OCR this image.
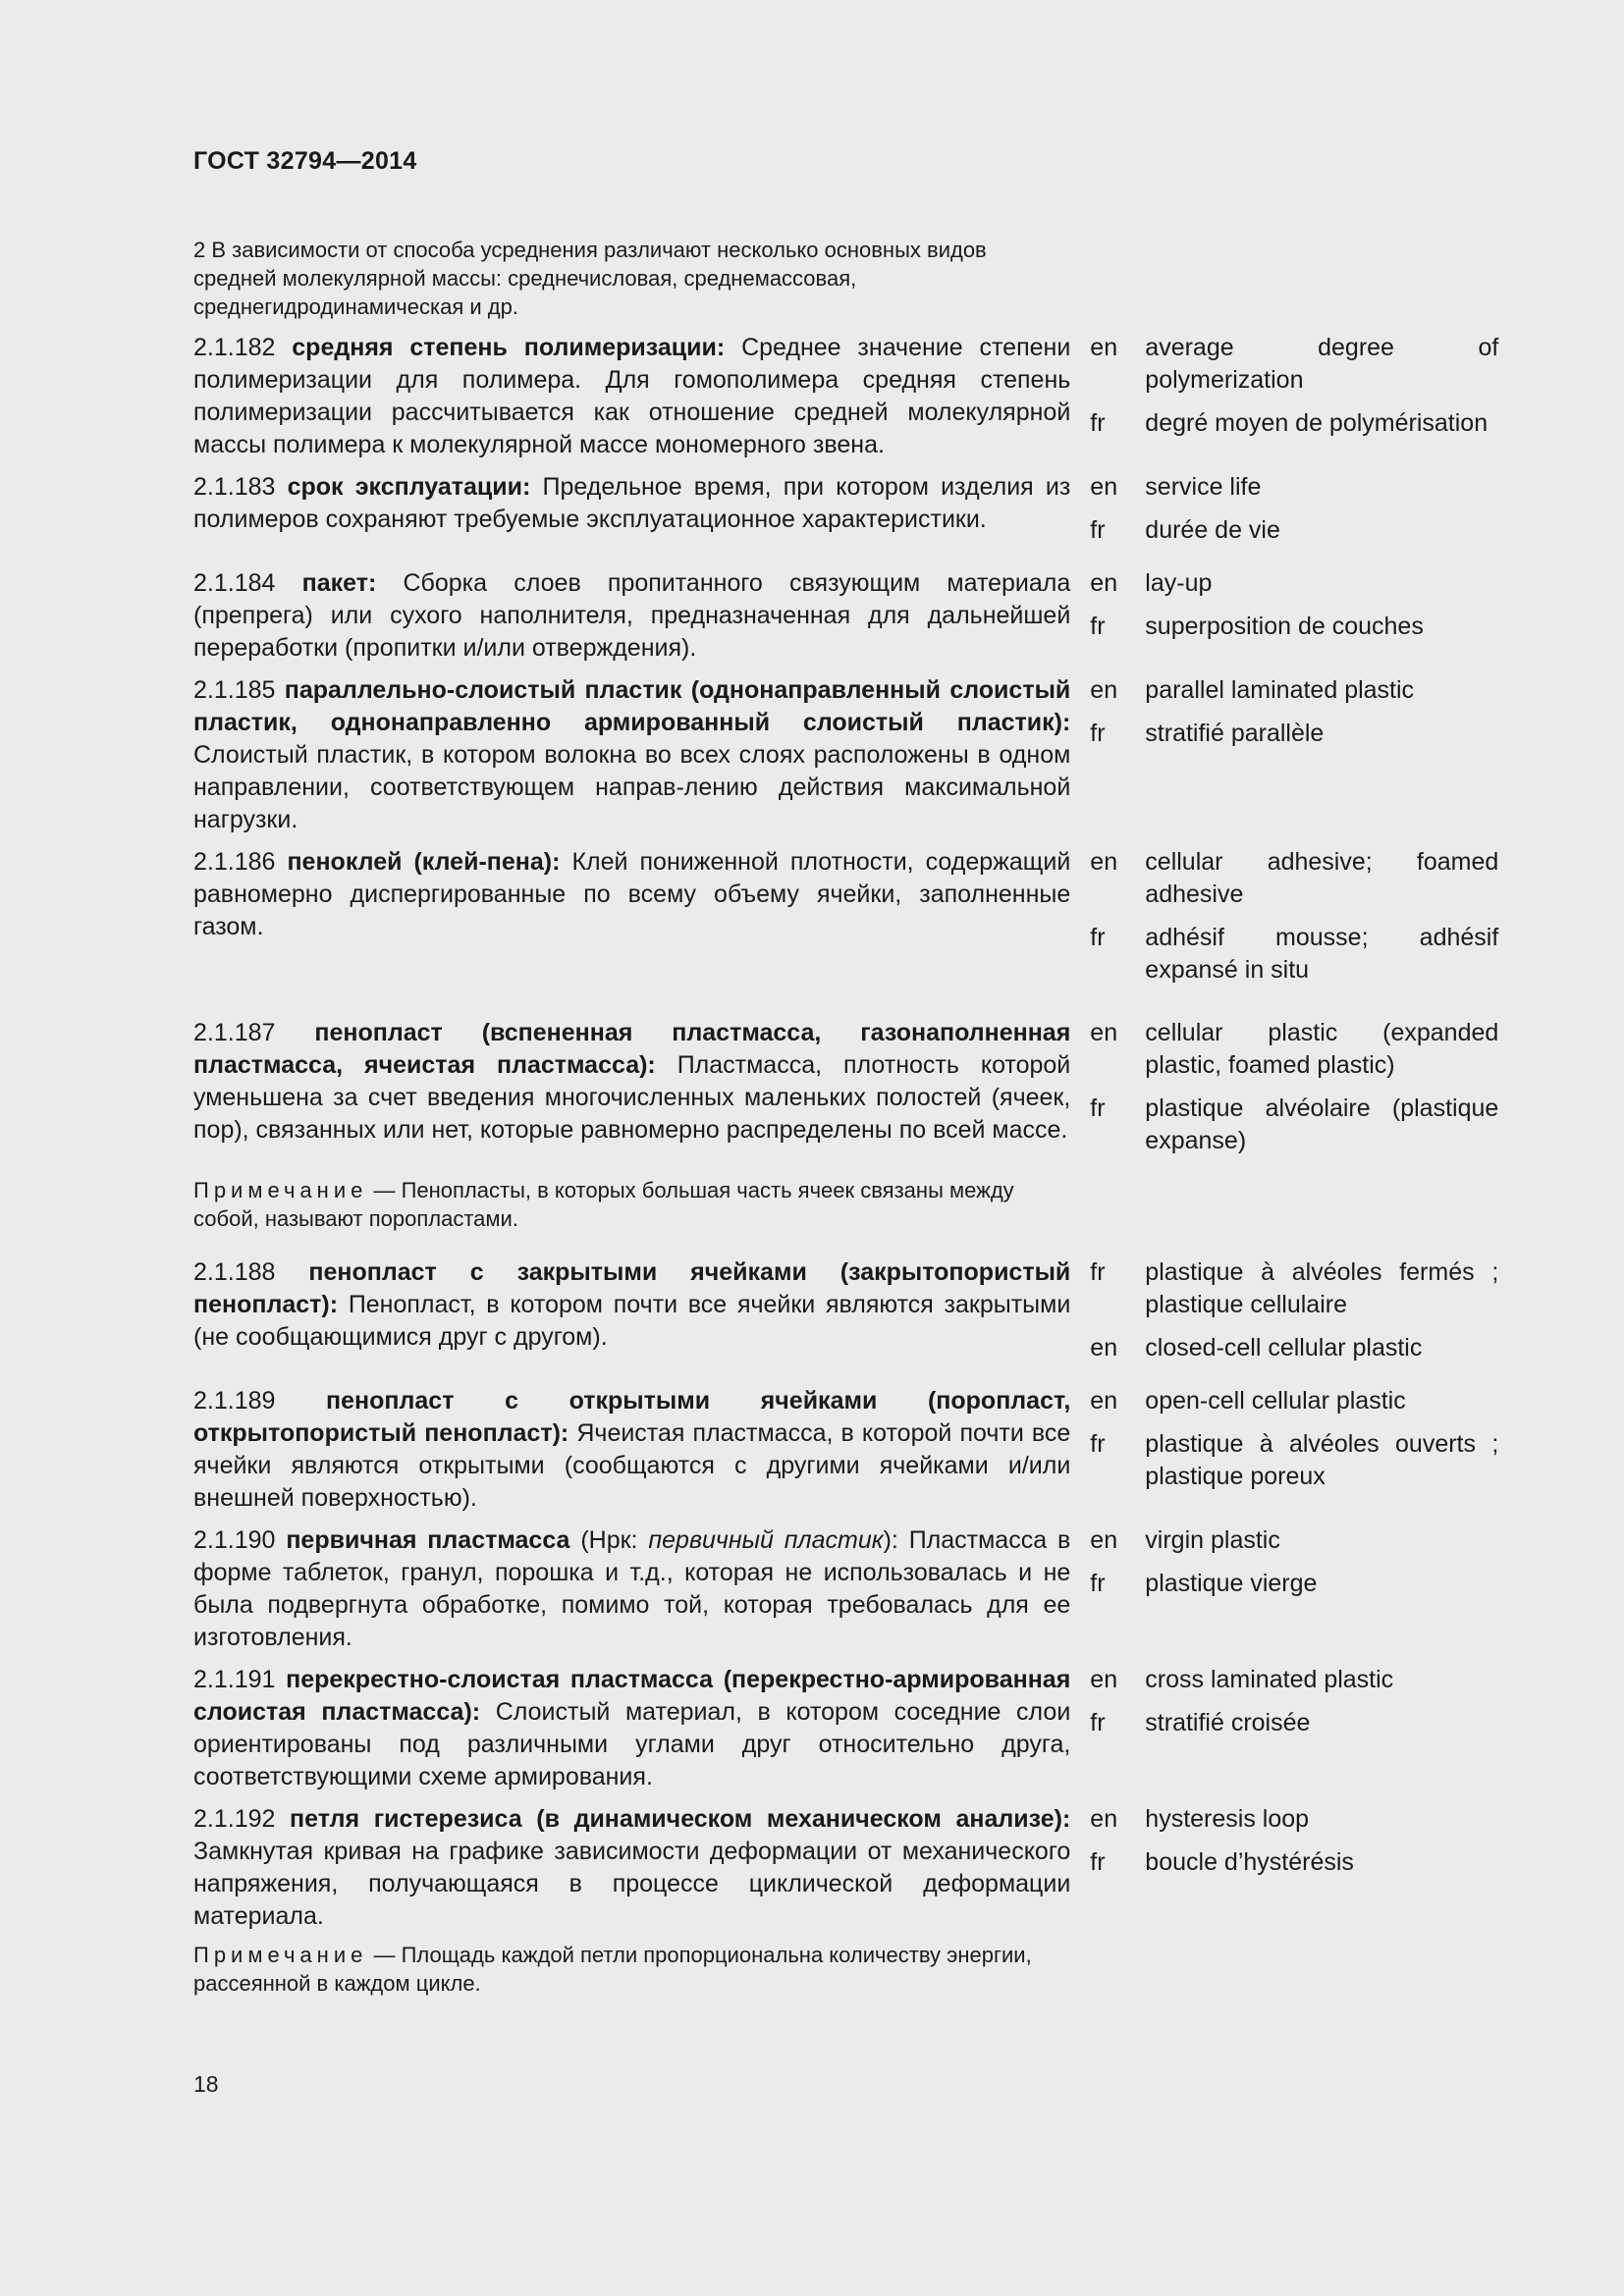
ГОСТ 32794—2014
2 В зависимости от способа усреднения различают несколько основных видов средней молекулярной массы: среднечисловая, среднемассовая, среднегидродинамическая и др.
2.1.182 средняя степень полимеризации: Среднее значение степени полимеризации для полимера. Для гомополимера средняя степень полимеризации рассчитывается как отношение средней молекулярной массы полимера к молекулярной массе мономерного звена.
en	average degree of polymerization
fr	degré moyen de polymérisation
2.1.183 срок эксплуатации: Предельное время, при котором изделия из полимеров сохраняют требуемые эксплуатационное характеристики.
en	service life
fr	durée de vie
2.1.184 пакет: Сборка слоев пропитанного связующим материала (препрега) или сухого наполнителя, предназначенная для дальнейшей переработки (пропитки и/или отверждения).
en	lay-up
fr	superposition de couches
2.1.185 параллельно-слоистый пластик (однонаправленный слоистый пластик, однонаправленно армированный слоистый пластик): Слоистый пластик, в котором волокна во всех слоях расположены в одном направлении, соответствующем направ-лению действия максимальной нагрузки.
en	parallel laminated plastic
fr	stratifié parallèle
2.1.186 пеноклей (клей-пена): Клей пониженной плотности, содержащий равномерно диспергированные по всему объему ячейки, заполненные газом.
en	cellular adhesive; foamed adhesive
fr	adhésif mousse; adhésif expansé in situ
2.1.187 пенопласт (вспененная пластмасса, газонаполненная пластмасса, ячеистая пластмасса): Пластмасса, плотность которой уменьшена за счет введения многочисленных маленьких полостей (ячеек, пор), связанных или нет, которые равномерно распределены по всей массе.
en	cellular plastic (expanded plastic, foamed plastic)
fr	plastique alvéolaire (plastique expanse)
Примечание — Пенопласты, в которых большая часть ячеек связаны между собой, называют поропластами.
2.1.188 пенопласт с закрытыми ячейками (закрытопористый пенопласт): Пенопласт, в котором почти все ячейки являются закрытыми (не сообщающимися друг с другом).
fr	plastique à alvéoles fermés ; plastique cellulaire
en	closed-cell cellular plastic
2.1.189 пенопласт с открытыми ячейками (поропласт, открытопористый пенопласт): Ячеистая пластмасса, в которой почти все ячейки являются открытыми (сообщаются с другими ячейками и/или внешней поверхностью).
en	open-cell cellular plastic
fr	plastique à alvéoles ouverts ; plastique poreux
2.1.190 первичная пластмасса (Нрк: первичный пластик): Пластмасса в форме таблеток, гранул, порошка и т.д., которая не использовалась и не была подвергнута обработке, помимо той, которая требовалась для ее изготовления.
en	virgin plastic
fr	plastique vierge
2.1.191 перекрестно-слоистая пластмасса (перекрестно-армированная слоистая пластмасса): Слоистый материал, в котором соседние слои ориентированы под различными углами друг относительно друга, соответствующими схеме армирования.
en	cross laminated plastic
fr	stratifié croisée
2.1.192 петля гистерезиса (в динамическом механическом анализе): Замкнутая кривая на графике зависимости деформации от механического напряжения, получающаяся в процессе циклической деформации материала.
en	hysteresis loop
fr	boucle d’hystérésis
Примечание — Площадь каждой петли пропорциональна количеству энергии, рассеянной в каждом цикле.
18
